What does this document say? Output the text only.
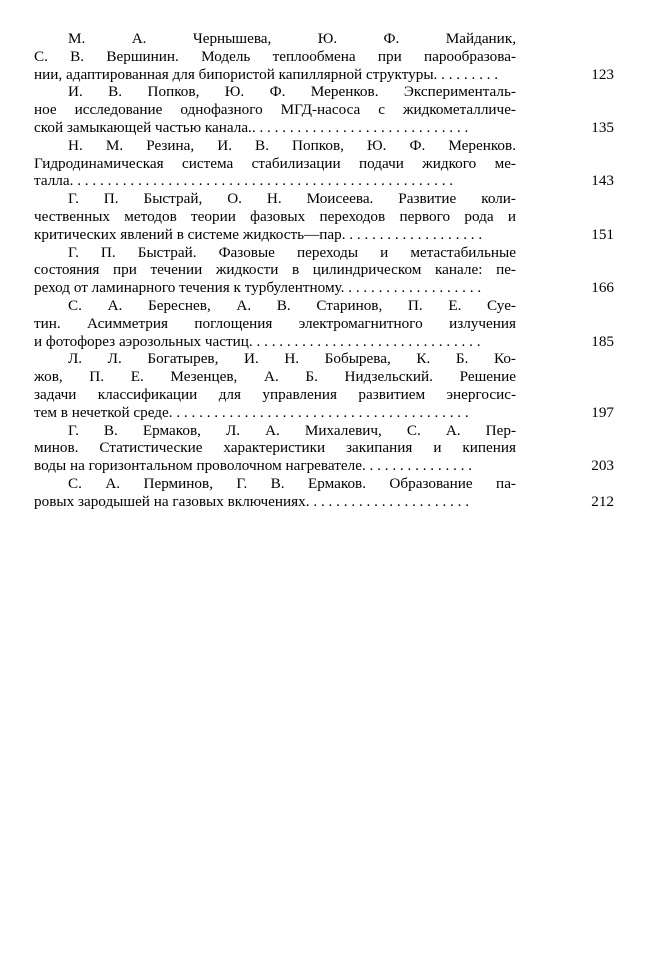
М. А. Чернышева, Ю. Ф. Майданик,
С. В. Вершинин. Модель теплообмена при парообразова-
нии, адаптированная для бипористой капиллярной структуры. . . . . . . . .	123
И. В. Попков, Ю. Ф. Меренков. Эксперименталь-
ное исследование однофазного МГД-насоса с жидкометалличе-
ской замыкающей частью канала.. . . . . . . . . . . . . . . . . . . . . . . . . . . . .	135
Н. М. Резина, И. В. Попков, Ю. Ф. Меренков.
Гидродинамическая система стабилизации подачи жидкого ме-
талла. . . . . . . . . . . . . . . . . . . . . . . . . . . . . . . . . . . . . . . . . . . . . . . . . . .	143
Г. П. Быстрай, О. Н. Моисеева. Развитие коли-
чественных методов теории фазовых переходов первого рода и
критических явлений в системе жидкость—пар. . . . . . . . . . . . . . . . . . .	151
Г. П. Быстрай. Фазовые переходы и метастабильные
состояния при течении жидкости в цилиндрическом канале: пе-
реход от ламинарного течения к турбулентному. . . . . . . . . . . . . . . . . . .	166
С. А. Береснев, А. В. Старинов, П. Е. Суе-
тин. Асимметрия поглощения электромагнитного излучения
и фотофорез аэрозольных частиц. . . . . . . . . . . . . . . . . . . . . . . . . . . . . . .	185
Л. Л. Богатырев, И. Н. Бобырева, К. Б. Ко-
жов, П. Е. Мезенцев, А. Б. Нидзельский. Решение
задачи классификации для управления развитием энергосис-
тем в нечеткой среде. . . . . . . . . . . . . . . . . . . . . . . . . . . . . . . . . . . . . . . .	197
Г. В. Ермаков, Л. А. Михалевич, С. А. Пер-
минов. Статистические характеристики закипания и кипения
воды на горизонтальном проволочном нагревателе. . . . . . . . . . . . . . .	203
С. А. Перминов, Г. В. Ермаков. Образование па-
ровых зародышей на газовых включениях. . . . . . . . . . . . . . . . . . . . . .	212
